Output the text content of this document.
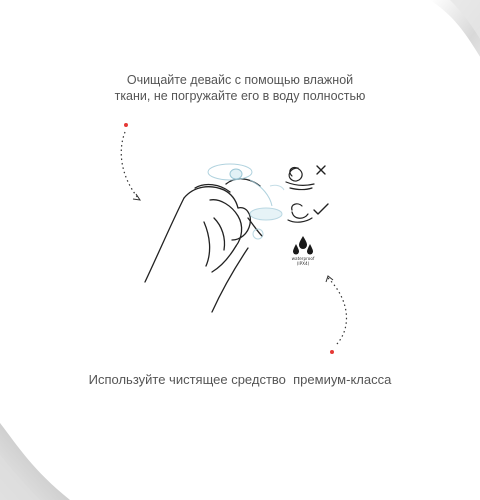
Очищайте девайс с помощью влажной
ткани, не погружайте его в воду полностью
waterproof
(IPX4)
Используйте чистящее средство  премиум-класса
